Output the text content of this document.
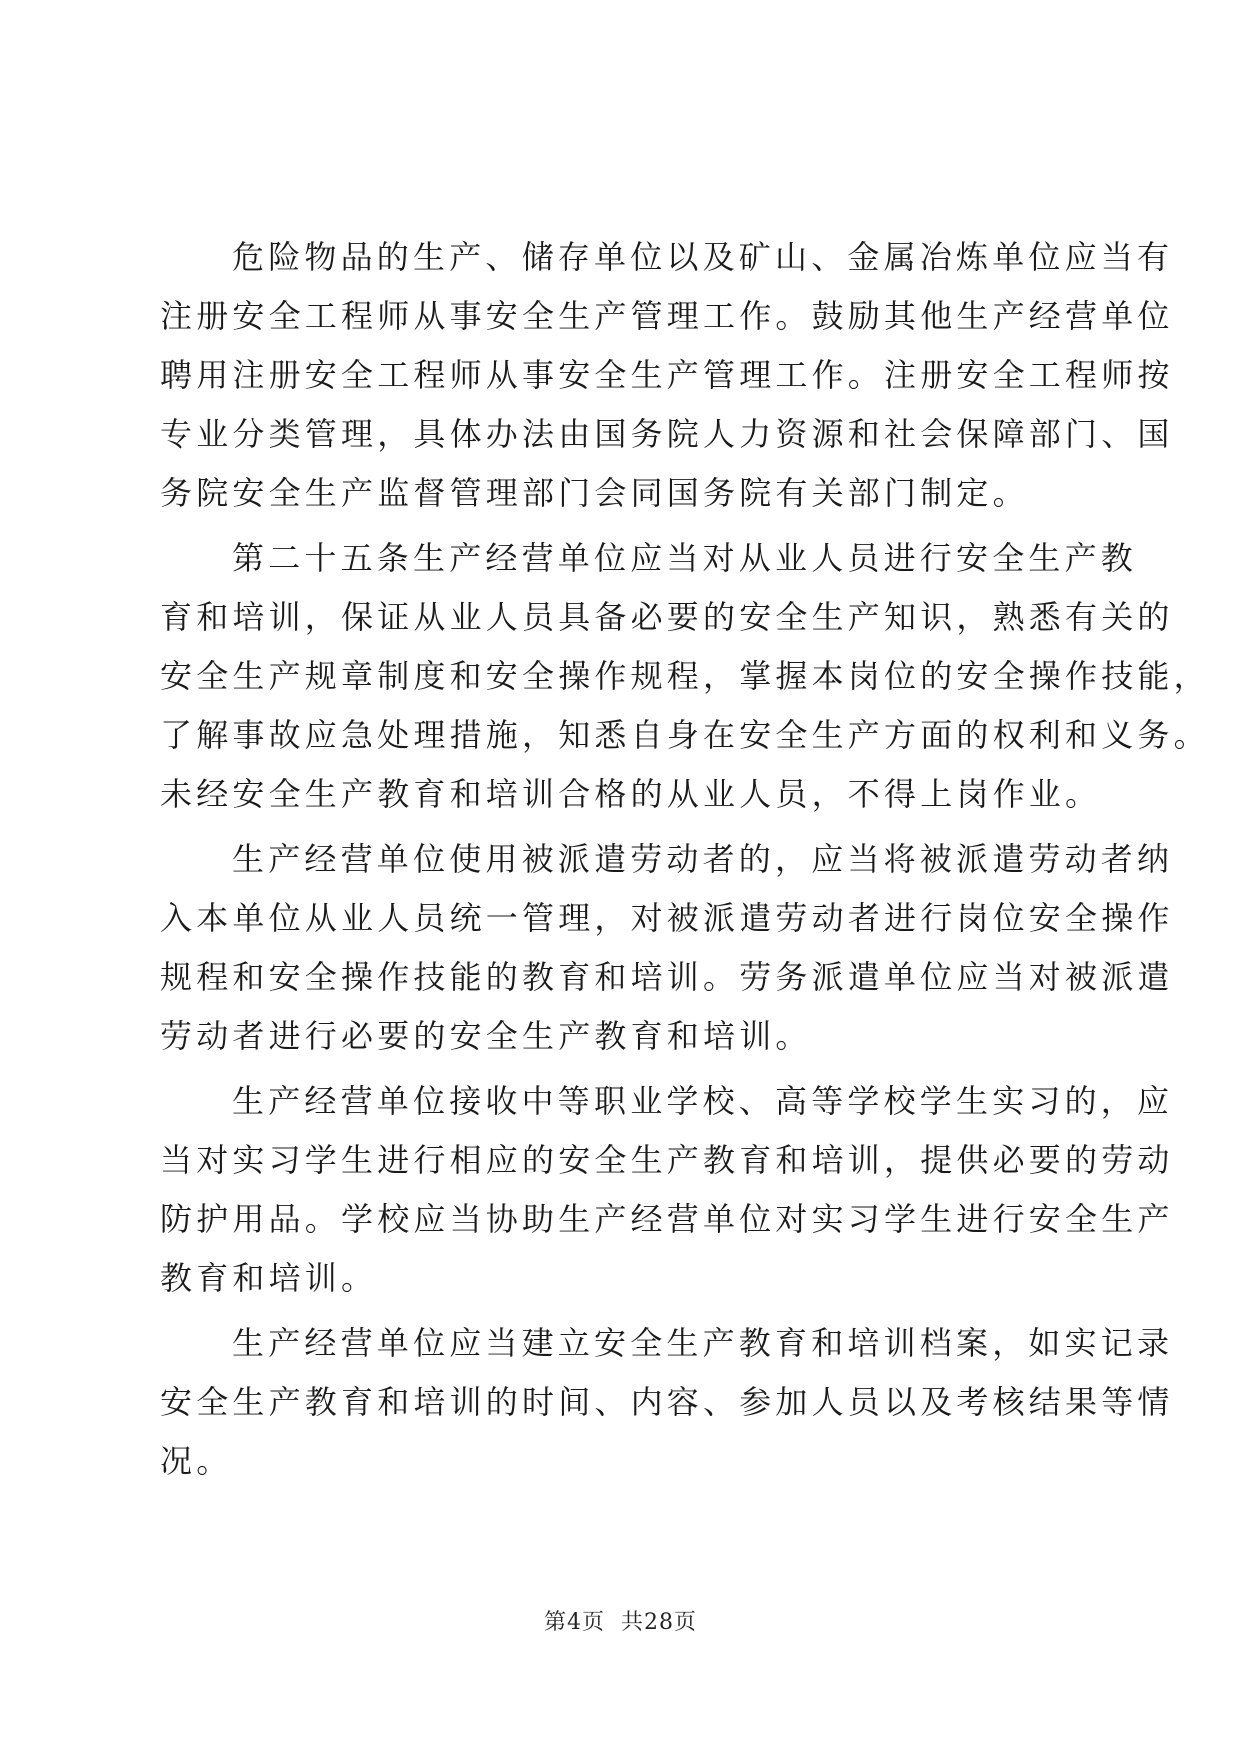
危险物品的生产、储存单位以及矿山、金属冶炼单位应当有
注册安全工程师从事安全生产管理工作。鼓励其他生产经营单位
聘用注册安全工程师从事安全生产管理工作。注册安全工程师按
专业分类管理，具体办法由国务院人力资源和社会保障部门、国
务院安全生产监督管理部门会同国务院有关部门制定。

第二十五条生产经营单位应当对从业人员进行安全生产教
育和培训，保证从业人员具备必要的安全生产知识，熟悉有关的
安全生产规章制度和安全操作规程，掌握本岗位的安全操作技能，
了解事故应急处理措施，知悉自身在安全生产方面的权利和义务。
未经安全生产教育和培训合格的从业人员，不得上岗作业。

生产经营单位使用被派遣劳动者的，应当将被派遣劳动者纳
入本单位从业人员统一管理，对被派遣劳动者进行岗位安全操作
规程和安全操作技能的教育和培训。劳务派遣单位应当对被派遣
劳动者进行必要的安全生产教育和培训。

生产经营单位接收中等职业学校、高等学校学生实习的，应
当对实习学生进行相应的安全生产教育和培训，提供必要的劳动
防护用品。学校应当协助生产经营单位对实习学生进行安全生产
教育和培训。

生产经营单位应当建立安全生产教育和培训档案，如实记录
安全生产教育和培训的时间、内容、参加人员以及考核结果等情
况。

第4页 共28页
